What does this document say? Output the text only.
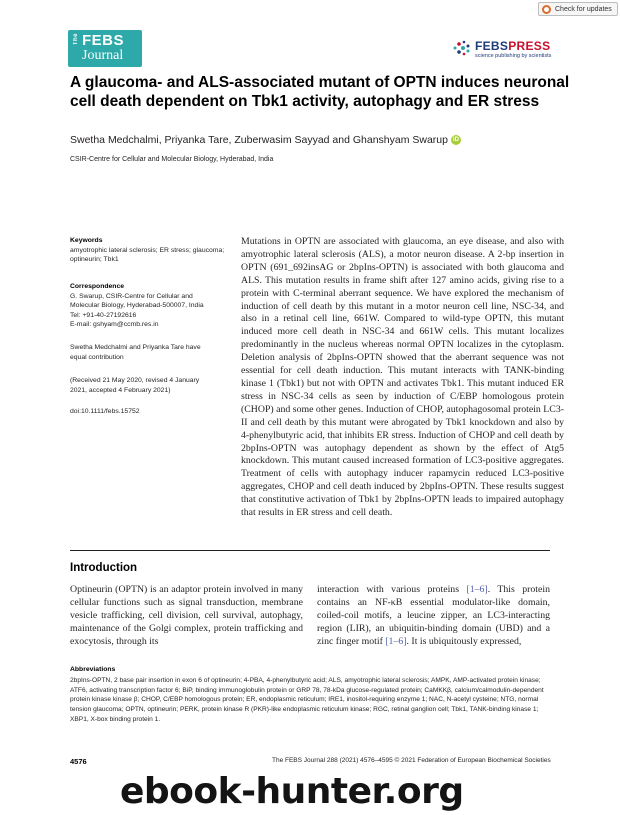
Check for updates
The FEBS
Journal
FEBSPRESS
science publishing by scientists
A glaucoma- and ALS-associated mutant of OPTN induces neuronal cell death dependent on Tbk1 activity, autophagy and ER stress
Swetha Medchalmi, Priyanka Tare, Zuberwasim Sayyad and Ghanshyam Swarup iD
CSIR-Centre for Cellular and Molecular Biology, Hyderabad, India
Keywords
amyotrophic lateral sclerosis; ER stress; glaucoma; optineurin; Tbk1
Correspondence
G. Swarup, CSIR-Centre for Cellular and
Molecular Biology, Hyderabad-500007, India
Tel: +91-40-27192616
E-mail: gshyam@ccmb.res.in
Swetha Medchalmi and Priyanka Tare have
equal contribution
(Received 21 May 2020, revised 4 January
2021, accepted 4 February 2021)
doi:10.1111/febs.15752
Mutations in OPTN are associated with glaucoma, an eye disease, and also with amyotrophic lateral sclerosis (ALS), a motor neuron disease. A 2-bp insertion in OPTN (691_692insAG or 2bpIns-OPTN) is associated with both glaucoma and ALS. This mutation results in frame shift after 127 amino acids, giving rise to a protein with C-terminal aberrant sequence. We have explored the mechanism of induction of cell death by this mutant in a motor neuron cell line, NSC-34, and also in a retinal cell line, 661W. Compared to wild-type OPTN, this mutant induced more cell death in NSC-34 and 661W cells. This mutant localizes predominantly in the nucleus whereas normal OPTN localizes in the cytoplasm. Deletion analysis of 2bpIns-OPTN showed that the aberrant sequence was not essential for cell death induction. This mutant interacts with TANK-binding kinase 1 (Tbk1) but not with OPTN and activates Tbk1. This mutant induced ER stress in NSC-34 cells as seen by induction of C/EBP homologous protein (CHOP) and some other genes. Induction of CHOP, autophagosomal protein LC3-II and cell death by this mutant were abrogated by Tbk1 knockdown and also by 4-phenylbutyric acid, that inhibits ER stress. Induction of CHOP and cell death by 2bpIns-OPTN was autophagy dependent as shown by the effect of Atg5 knockdown. This mutant caused increased formation of LC3-positive aggregates. Treatment of cells with autophagy inducer rapamycin reduced LC3-positive aggregates, CHOP and cell death induced by 2bpIns-OPTN. These results suggest that constitutive activation of Tbk1 by 2bpIns-OPTN leads to impaired autophagy that results in ER stress and cell death.
Introduction
Optineurin (OPTN) is an adaptor protein involved in many cellular functions such as signal transduction, membrane vesicle trafficking, cell division, cell survival, autophagy, maintenance of the Golgi complex, protein trafficking and exocytosis, through its
interaction with various proteins [1–6]. This protein contains an NF-κB essential modulator-like domain, coiled-coil motifs, a leucine zipper, an LC3-interacting region (LIR), an ubiquitin-binding domain (UBD) and a zinc finger motif [1–6]. It is ubiquitously expressed,
Abbreviations
2bpIns-OPTN, 2 base pair insertion in exon 6 of optineurin; 4-PBA, 4-phenylbutyric acid; ALS, amyotrophic lateral sclerosis; AMPK, AMP-activated protein kinase; ATF6, activating transcription factor 6; BiP, binding immunoglobulin protein or GRP 78, 78-kDa glucose-regulated protein; CaMKKβ, calcium/calmodulin-dependent protein kinase kinase β; CHOP, C/EBP homologous protein; ER, endoplasmic reticulum; IRE1, inositol-requiring enzyme 1; NAC, N-acetyl cysteine; NTG, normal tension glaucoma; OPTN, optineurin; PERK, protein kinase R (PKR)-like endoplasmic reticulum kinase; RGC, retinal ganglion cell; Tbk1, TANK-binding kinase 1; XBP1, X-box binding protein 1.
4576	The FEBS Journal 288 (2021) 4576–4595 © 2021 Federation of European Biochemical Societies
ebook-hunter.org
